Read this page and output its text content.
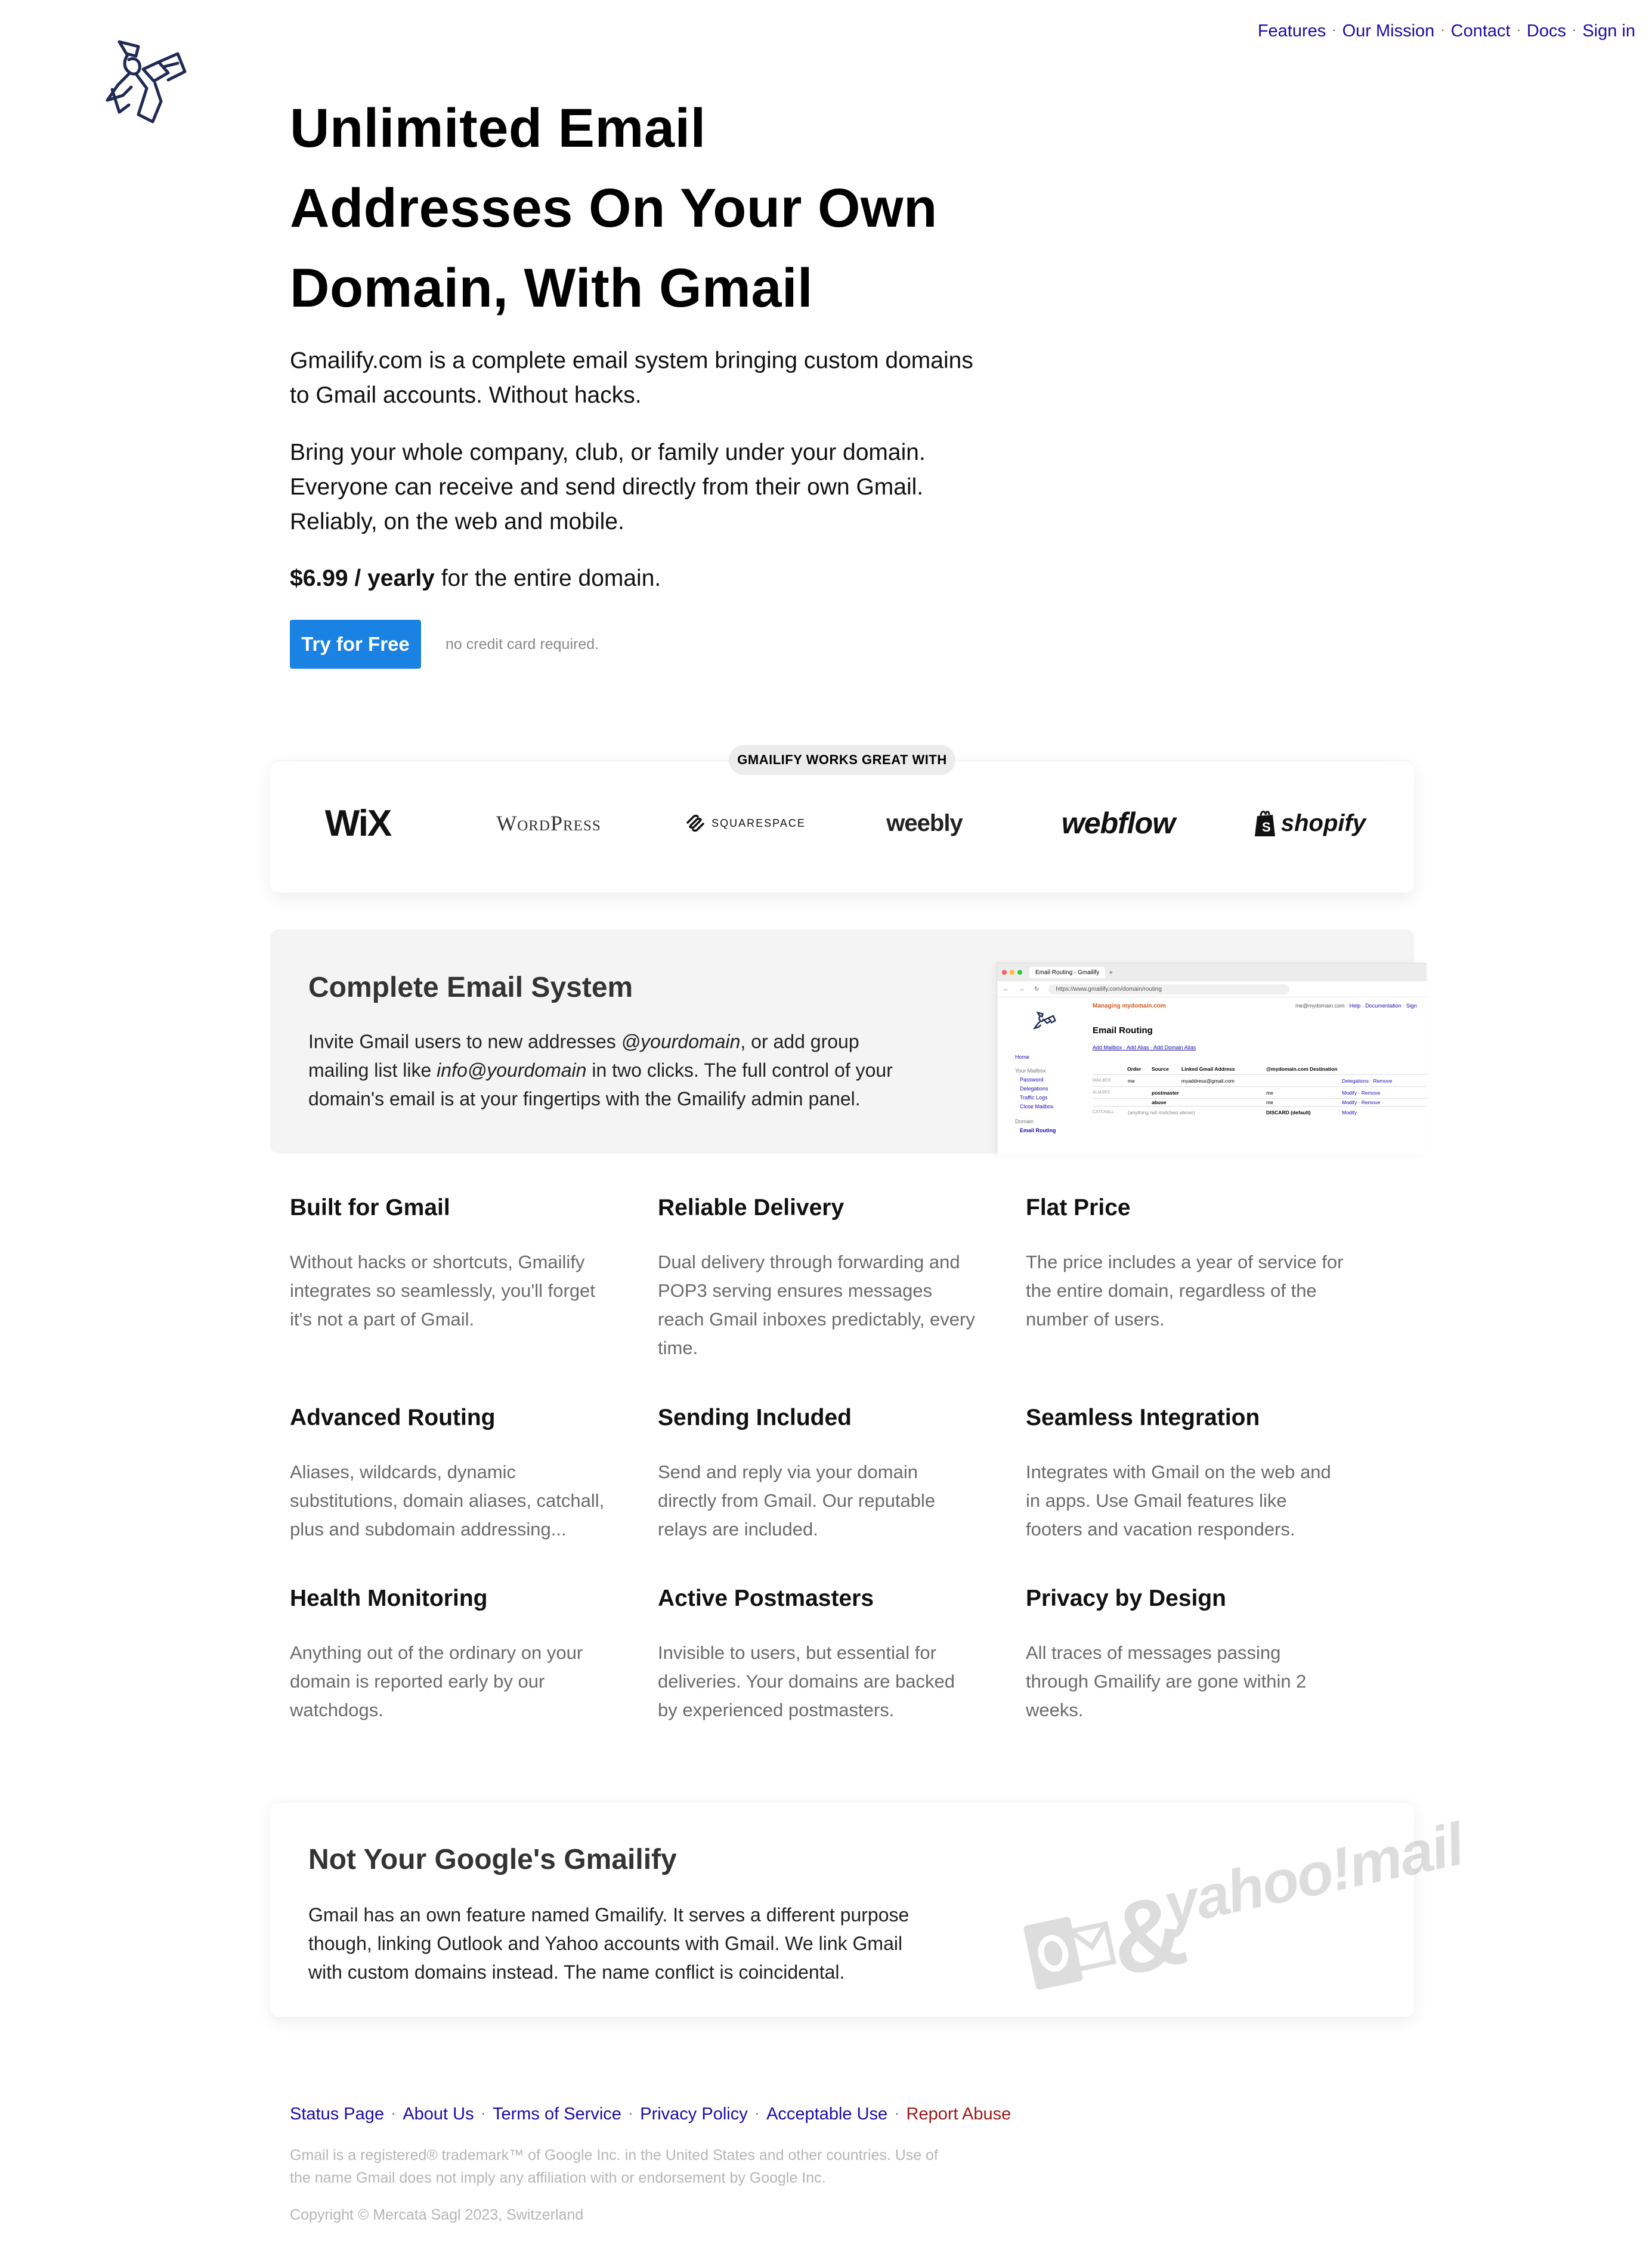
Features · Our Mission · Contact · Docs · Sign in
Unlimited Email
Addresses On Your Own
Domain, With Gmail
Gmailify.com is a complete email system bringing custom domains
to Gmail accounts. Without hacks.
Bring your whole company, club, or family under your domain.
Everyone can receive and send directly from their own Gmail.
Reliably, on the web and mobile.
$6.99 / yearly for the entire domain.
Try for Free	no credit card required.
GMAILIFY WORKS GREAT WITH
WiX	WordPress	SQUARESPACE	weebly	webflow	S shopify
Complete Email System
Invite Gmail users to new addresses @yourdomain, or add group
mailing list like info@yourdomain in two clicks. The full control of your
domain's email is at your fingertips with the Gmailify admin panel.
Email Routing - Gmailify	+
← → ↻	https://www.gmailify.com/domain/routing
Managing mydomain.com	me@mydomain.com · Help · Documentation · Sign
Email Routing
Add Mailbox · Add Alias · Add Domain Alias
Home
Your Mailbox
Password
Delegations
Traffic Logs
Close Mailbox
Domain
Email Routing
	Order	Source	Linked Gmail Address	@mydomain.com Destination	
MAILBOX	me		myaddress@gmail.com		Delegations · Remove
ALIASES		postmaster		me	Modify · Remove
		abuse		me	Modify · Remove
CATCHALL	(anything not matched above)			DISCARD (default)	Modify
Built for Gmail
Without hacks or shortcuts, Gmailify
integrates so seamlessly, you'll forget
it's not a part of Gmail.
Reliable Delivery
Dual delivery through forwarding and
POP3 serving ensures messages
reach Gmail inboxes predictably, every
time.
Flat Price
The price includes a year of service for
the entire domain, regardless of the
number of users.
Advanced Routing
Aliases, wildcards, dynamic
substitutions, domain aliases, catchall,
plus and subdomain addressing...
Sending Included
Send and reply via your domain
directly from Gmail. Our reputable
relays are included.
Seamless Integration
Integrates with Gmail on the web and
in apps. Use Gmail features like
footers and vacation responders.
Health Monitoring
Anything out of the ordinary on your
domain is reported early by our
watchdogs.
Active Postmasters
Invisible to users, but essential for
deliveries. Your domains are backed
by experienced postmasters.
Privacy by Design
All traces of messages passing
through Gmailify are gone within 2
weeks.
&
yahoo!mail
Not Your Google's Gmailify
Gmail has an own feature named Gmailify. It serves a different purpose
though, linking Outlook and Yahoo accounts with Gmail. We link Gmail
with custom domains instead. The name conflict is coincidental.
Status Page · About Us · Terms of Service · Privacy Policy · Acceptable Use · Report Abuse
Gmail is a registered® trademark™ of Google Inc. in the United States and other countries. Use of
the name Gmail does not imply any affiliation with or endorsement by Google Inc.
Copyright © Mercata Sagl 2023, Switzerland
